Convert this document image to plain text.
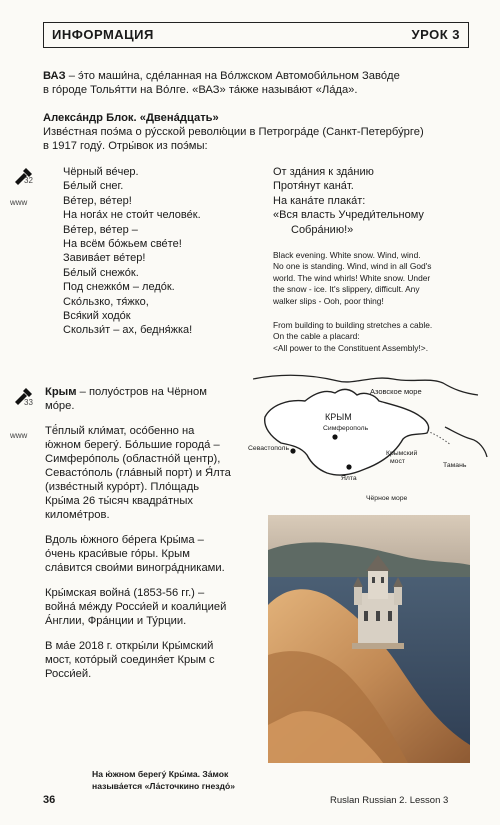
ИНФОРМАЦИЯ	УРОК 3
ВАЗ – э́то маши́на, сде́ланная на Во́лжском Автомоби́льном Заво́де
в го́роде Толья́тти на Во́лге. «ВАЗ» та́кже называ́ют «Ла́да».
Алекса́ндр Блок. «Двена́дцать»
Изве́стная поэ́ма о ру́сской револю́ции в Петрогра́де (Санкт-Петербу́рге)
в 1917 году́. Отры́вок из поэ́мы:
32
www
Чёрный ве́чер.
Бе́лый снег.
Ве́тер, ве́тер!
На нога́х не стои́т челове́к.
Ве́тер, ве́тер –
На всём бо́жьем све́те!
Завива́ет ве́тер!
Бе́лый снежо́к.
Под снежко́м – ледо́к.
Ско́льзко, тя́жко,
Вся́кий ходо́к
Скользи́т – ах, бедня́жка!
От зда́ния к зда́нию
Протя́нут кана́т.
На кана́те плака́т:
«Вся власть Учреди́тельному
Собра́нию!»
Black evening. White snow. Wind, wind.
No one is standing. Wind, wind in all God's
world. The wind whirls! White snow. Under
the snow - ice. It's slippery, difficult. Any
walker slips - Ooh, poor thing!
From building to building stretches a cable.
On the cable a placard:
<All power to the Constituent Assembly!>.
33
www
Крым – полуо́стров на Чёрном
мо́ре.
Тё́плый кли́мат, осо́бенно на
ю́жном берегу́. Бо́льшие города́ –
Симферо́поль (областно́й центр),
Севасто́поль (гла́вный порт) и Я́лта
(изве́стный куро́рт). Пло́щадь
Кры́ма 26 ты́сяч квадра́тных
киломе́тров.
Вдоль ю́жного бе́рега Кры́ма –
о́чень краси́вые го́ры. Крым
сла́вится свои́ми виногра́дниками.
Кры́мская война́ (1853-56 гг.) –
война́ ме́жду Росси́ей и коали́цией
А́нглии, Фра́нции и Ту́рции.
В ма́е 2018 г. откры́ли Кры́мский
мост, кото́рый соединя́ет Крым с
Росси́ей.
Азовское море
КРЫМ
Симферополь
Севастополь
Ялта
Крымский
мост
Тамань
Чёрное море
На ю́жном берегу́ Кры́ма. За́мок
называ́ется «Ла́сточкино гнездо́»
36	Ruslan Russian 2. Lesson 3
